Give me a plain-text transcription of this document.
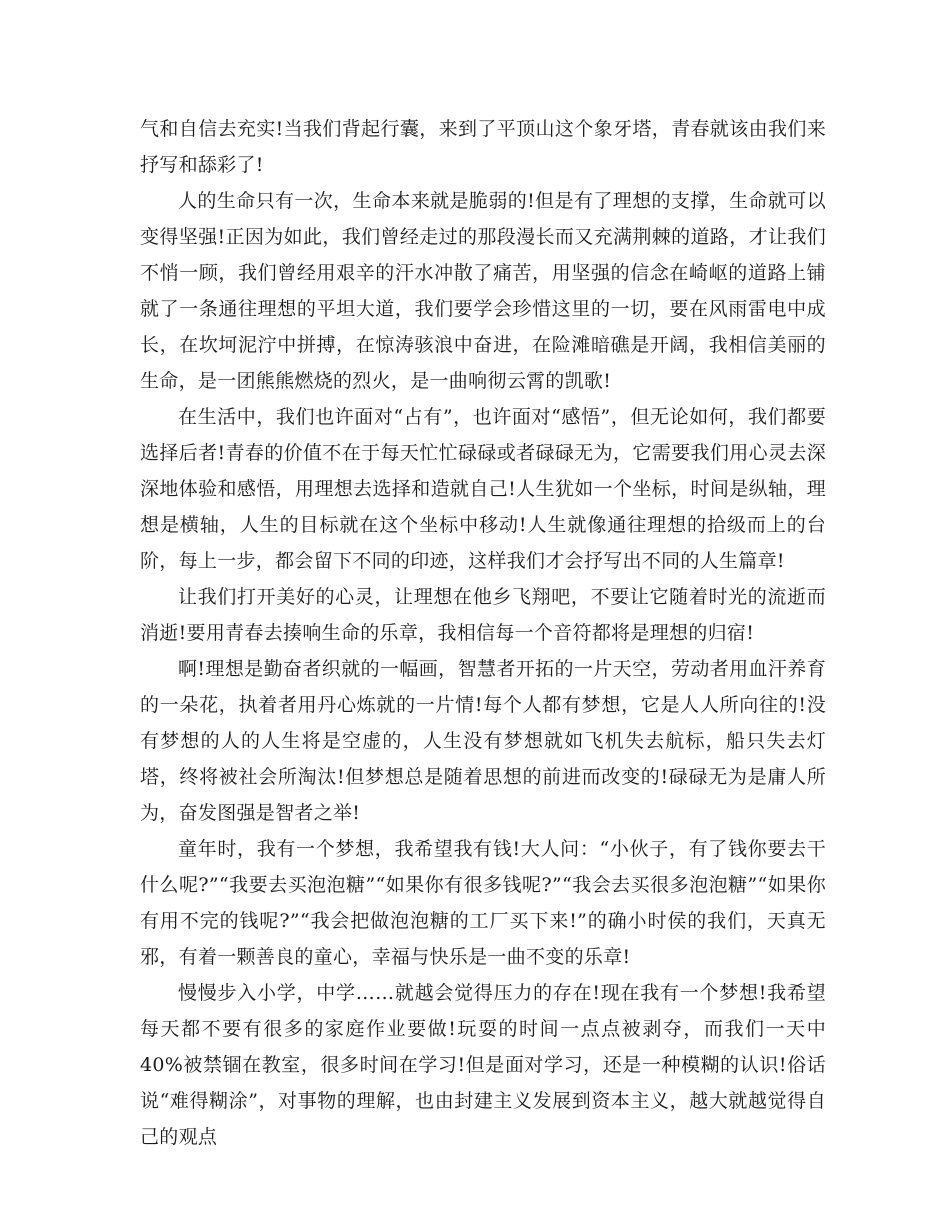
气和自信去充实!当我们背起行囊，来到了平顶山这个象牙塔，青春就该由我们来抒写和舔彩了!

人的生命只有一次，生命本来就是脆弱的!但是有了理想的支撑，生命就可以变得坚强!正因为如此，我们曾经走过的那段漫长而又充满荆棘的道路，才让我们不悄一顾，我们曾经用艰辛的汗水冲散了痛苦，用坚强的信念在崎岖的道路上铺就了一条通往理想的平坦大道，我们要学会珍惜这里的一切，要在风雨雷电中成长，在坎坷泥泞中拼搏，在惊涛骇浪中奋进，在险滩暗礁是开阔，我相信美丽的生命，是一团熊熊燃烧的烈火，是一曲响彻云霄的凯歌!

在生活中，我们也许面对“占有”，也许面对“感悟”，但无论如何，我们都要选择后者!青春的价值不在于每天忙忙碌碌或者碌碌无为，它需要我们用心灵去深深地体验和感悟，用理想去选择和造就自己!人生犹如一个坐标，时间是纵轴，理想是横轴，人生的目标就在这个坐标中移动!人生就像通往理想的拾级而上的台阶，每上一步，都会留下不同的印迹，这样我们才会抒写出不同的人生篇章!

让我们打开美好的心灵，让理想在他乡飞翔吧，不要让它随着时光的流逝而消逝!要用青春去揍响生命的乐章，我相信每一个音符都将是理想的归宿!

啊!理想是勤奋者织就的一幅画，智慧者开拓的一片天空，劳动者用血汗养育的一朵花，执着者用丹心炼就的一片情!每个人都有梦想，它是人人所向往的!没有梦想的人的人生将是空虚的，人生没有梦想就如飞机失去航标，船只失去灯塔，终将被社会所淘汰!但梦想总是随着思想的前进而改变的!碌碌无为是庸人所为，奋发图强是智者之举!

童年时，我有一个梦想，我希望我有钱!大人问：“小伙子，有了钱你要去干什么呢?”“我要去买泡泡糖”“如果你有很多钱呢?”“我会去买很多泡泡糖”“如果你有用不完的钱呢?”“我会把做泡泡糖的工厂买下来!”的确小时侯的我们，天真无邪，有着一颗善良的童心，幸福与快乐是一曲不变的乐章!

慢慢步入小学，中学……就越会觉得压力的存在!现在我有一个梦想!我希望每天都不要有很多的家庭作业要做!玩耍的时间一点点被剥夺，而我们一天中 40%被禁锢在教室，很多时间在学习!但是面对学习，还是一种模糊的认识!俗话说“难得糊涂”，对事物的理解，也由封建主义发展到资本主义，越大就越觉得自己的观点
